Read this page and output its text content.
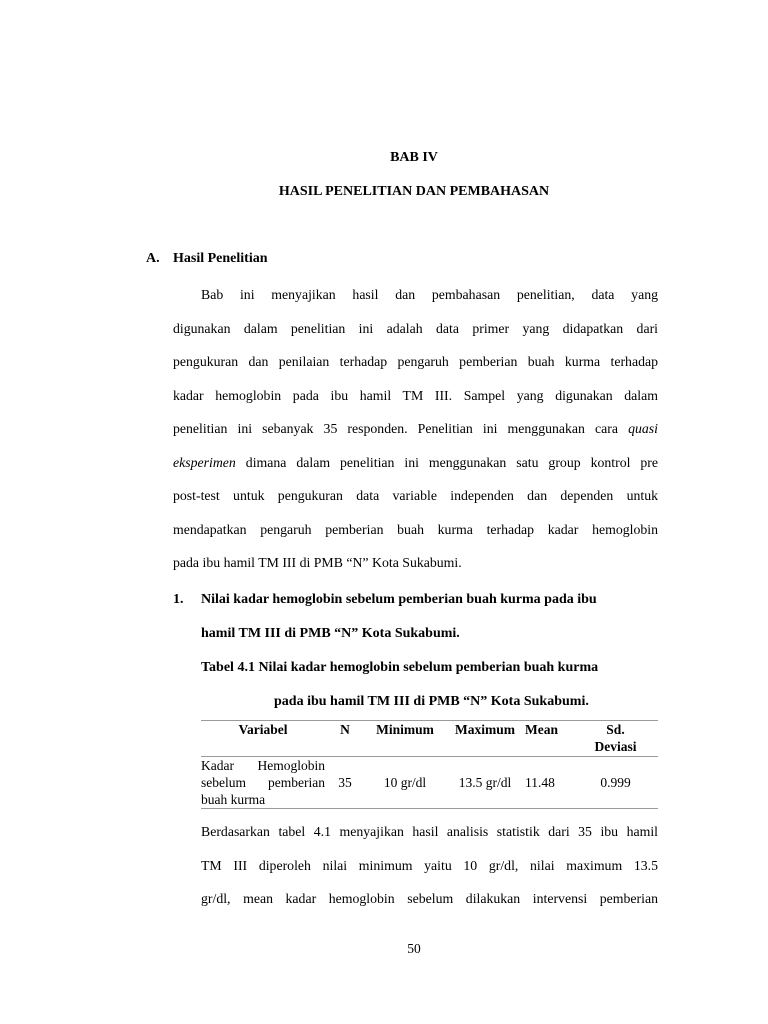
BAB IV
HASIL PENELITIAN DAN PEMBAHASAN
A. Hasil Penelitian
Bab ini menyajikan hasil dan pembahasan penelitian, data yang
digunakan dalam penelitian ini adalah data primer yang didapatkan dari
pengukuran dan penilaian terhadap pengaruh pemberian buah kurma terhadap
kadar hemoglobin pada ibu hamil TM III. Sampel yang digunakan dalam
penelitian ini sebanyak 35 responden. Penelitian ini menggunakan cara quasi
eksperimen dimana dalam penelitian ini menggunakan satu group kontrol pre
post-test untuk pengukuran data variable independen dan dependen untuk
mendapatkan pengaruh pemberian buah kurma terhadap kadar hemoglobin
pada ibu hamil TM III di PMB “N” Kota Sukabumi.
1. Nilai kadar hemoglobin sebelum pemberian buah kurma pada ibu
hamil TM III di PMB “N” Kota Sukabumi.
Tabel 4.1 Nilai kadar hemoglobin sebelum pemberian buah kurma
pada ibu hamil TM III di PMB “N” Kota Sukabumi.
Variabel	N	Minimum	Maximum	Mean	Sd.
Deviasi

Kadar Hemoglobin
sebelum pemberian
buah kurma	35	10 gr/dl	13.5 gr/dl	11.48	0.999
Berdasarkan tabel 4.1 menyajikan hasil analisis statistik dari 35 ibu hamil
TM III diperoleh nilai minimum yaitu 10 gr/dl, nilai maximum 13.5
gr/dl, mean kadar hemoglobin sebelum dilakukan intervensi pemberian
50
